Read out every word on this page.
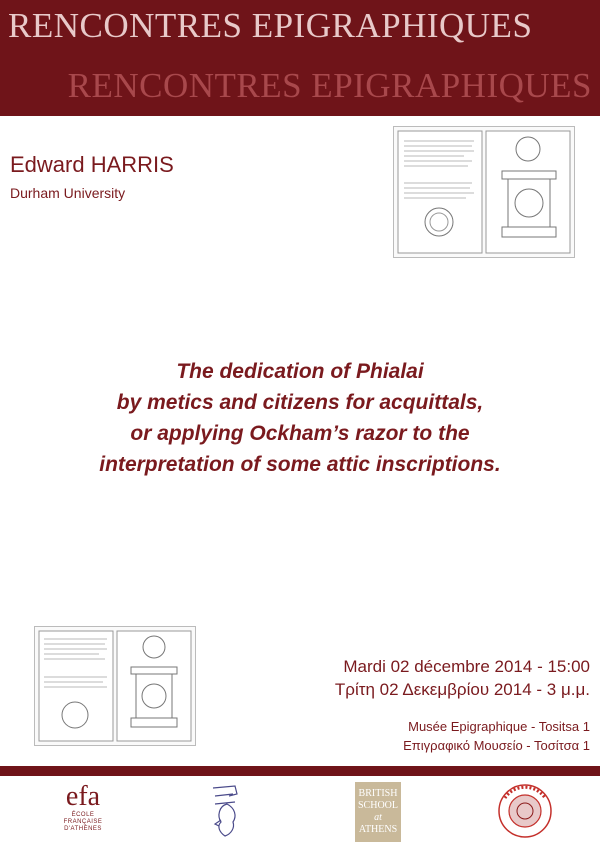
RENCONTRES EPIGRAPHIQUES
RENCONTRES EPIGRAPHIQUES
Edward HARRIS
Durham University
The dedication of Phialai
by metics and citizens for acquittals,
or applying Ockham’s razor to the
interpretation of some attic inscriptions.
Mardi 02 décembre 2014 - 15:00
Τρίτη 02 Δεκεμβρίου 2014 - 3 μ.μ.
Musée Epigraphique - Tositsa 1
Επιγραφικό Μουσείο - Τοσίτσα 1
efa
ÉCOLE
FRANÇAISE
D'ATHÈNES
BRITISH
SCHOOL
at
ATHENS
